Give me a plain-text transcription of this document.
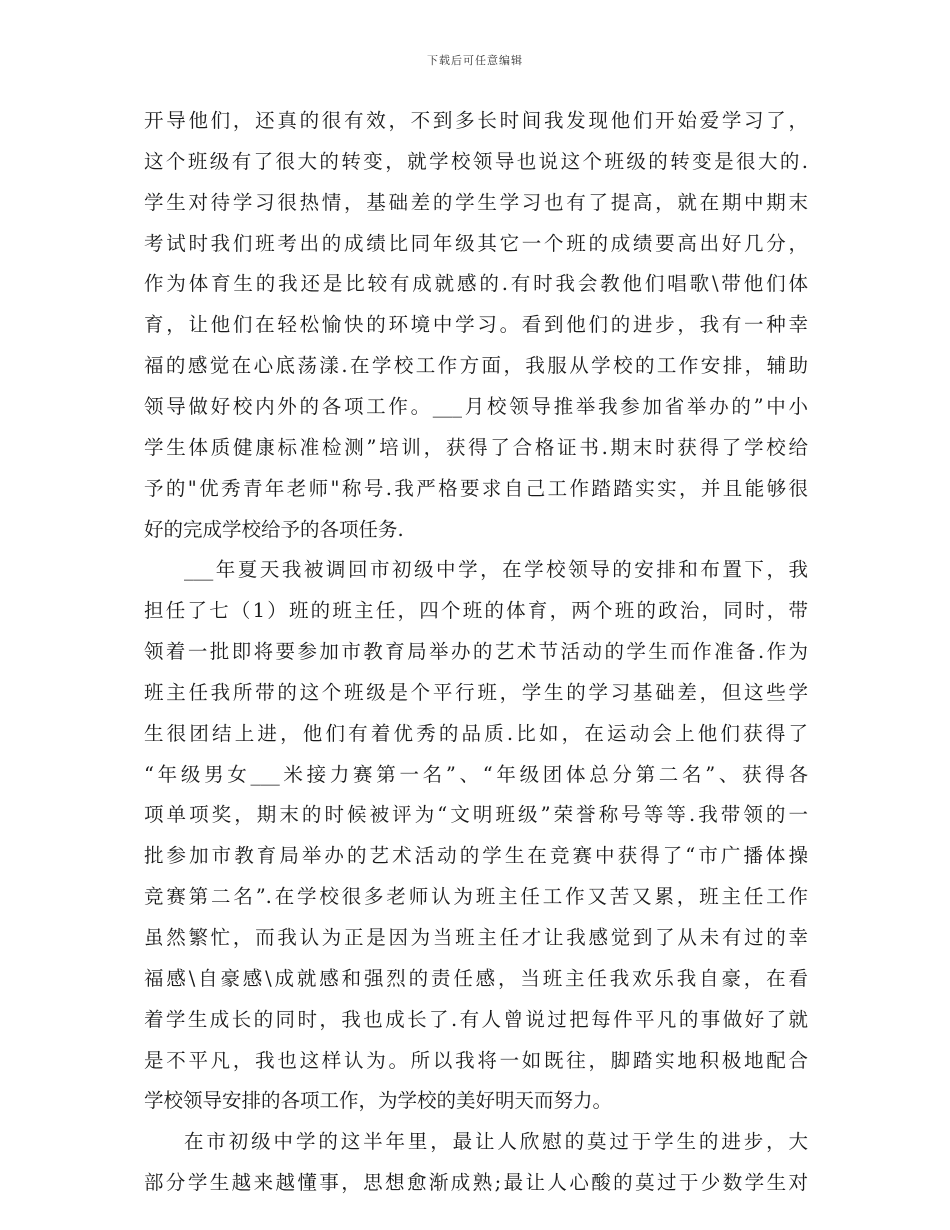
下载后可任意编辑
开导他们，还真的很有效，不到多长时间我发现他们开始爱学习了，
这个班级有了很大的转变，就学校领导也说这个班级的转变是很大的.
学生对待学习很热情，基础差的学生学习也有了提高，就在期中期末
考试时我们班考出的成绩比同年级其它一个班的成绩要高出好几分，
作为体育生的我还是比较有成就感的.有时我会教他们唱歌\带他们体
育，让他们在轻松愉快的环境中学习。看到他们的进步，我有一种幸
福的感觉在心底荡漾.在学校工作方面，我服从学校的工作安排，辅助
领导做好校内外的各项工作。___月校领导推举我参加省举办的”中小
学生体质健康标准检测”培训，获得了合格证书.期末时获得了学校给
予的"优秀青年老师"称号.我严格要求自己工作踏踏实实，并且能够很
好的完成学校给予的各项任务.
___年夏天我被调回市初级中学，在学校领导的安排和布置下，我
担任了七（1）班的班主任，四个班的体育，两个班的政治，同时，带
领着一批即将要参加市教育局举办的艺术节活动的学生而作准备.作为
班主任我所带的这个班级是个平行班，学生的学习基础差，但这些学
生很团结上进，他们有着优秀的品质.比如，在运动会上他们获得了
“年级男女___米接力赛第一名”、“年级团体总分第二名”、获得各
项单项奖，期末的时候被评为“文明班级”荣誉称号等等.我带领的一
批参加市教育局举办的艺术活动的学生在竞赛中获得了“市广播体操
竞赛第二名”.在学校很多老师认为班主任工作又苦又累，班主任工作
虽然繁忙，而我认为正是因为当班主任才让我感觉到了从未有过的幸
福感\自豪感\成就感和强烈的责任感，当班主任我欢乐我自豪，在看
着学生成长的同时，我也成长了.有人曾说过把每件平凡的事做好了就
是不平凡，我也这样认为。所以我将一如既往，脚踏实地积极地配合
学校领导安排的各项工作，为学校的美好明天而努力。
在市初级中学的这半年里，最让人欣慰的莫过于学生的进步，大
部分学生越来越懂事，思想愈渐成熟;最让人心酸的莫过于少数学生对
